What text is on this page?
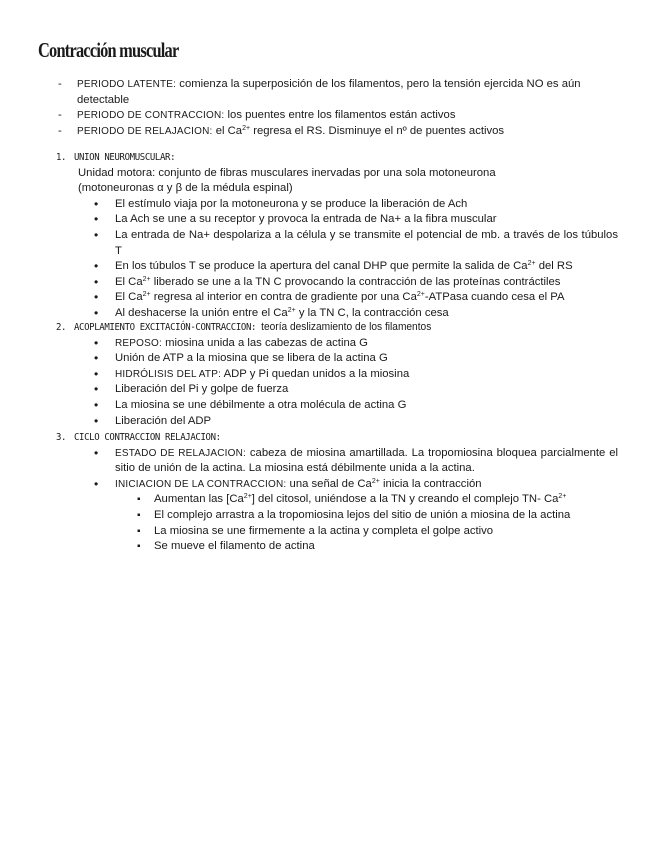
Contracción muscular
- PERIODO LATENTE: comienza la superposición de los filamentos, pero la tensión ejercida NO es aún detectable
- PERIODO DE CONTRACCION: los puentes entre los filamentos están activos
- PERIODO DE RELAJACION: el $Ca^{2+}$ regresa el RS. Disminuye el nº de puentes activos
1. UNION NEUROMUSCULAR:
Unidad motora: conjunto de fibras musculares inervadas por una sola motoneurona
(motoneuronas α y β de la médula espinal)
• El estímulo viaja por la motoneurona y se produce la liberación de Ach
• La Ach se une a su receptor y provoca la entrada de Na+ a la fibra muscular
• La entrada de Na+ despolariza a la célula y se transmite el potencial de mb. a través de los túbulos T
• En los túbulos T se produce la apertura del canal DHP que permite la salida de $Ca^{2+}$ del RS
• El $Ca^{2+}$ liberado se une a la TN C provocando la contracción de las proteínas contráctiles
• El $Ca^{2+}$ regresa al interior en contra de gradiente por una $Ca^{2+}$-ATPasa cuando cesa el PA
• Al deshacerse la unión entre el $Ca^{2+}$ y la TN C, la contracción cesa
2. ACOPLAMIENTO EXCITACIÓN-CONTRACCION: teoría deslizamiento de los filamentos
• REPOSO: miosina unida a las cabezas de actina G
• Unión de ATP a la miosina que se libera de la actina G
• HIDRÓLISIS DEL ATP: ADP y Pi quedan unidos a la miosina
• Liberación del Pi y golpe de fuerza
• La miosina se une débilmente a otra molécula de actina G
• Liberación del ADP
3. CICLO CONTRACCION RELAJACION:
• ESTADO DE RELAJACION: cabeza de miosina amartillada. La tropomiosina bloquea parcialmente el sitio de unión de la actina. La miosina está débilmente unida a la actina.
• INICIACION DE LA CONTRACCION: una señal de $Ca^{2+}$ inicia la contracción
▪ Aumentan las $[Ca^{2+}]$ del citosol, uniéndose a la TN y creando el complejo TN- $Ca^{2+}$
▪ El complejo arrastra a la tropomiosina lejos del sitio de unión a miosina de la actina
▪ La miosina se une firmemente a la actina y completa el golpe activo
▪ Se mueve el filamento de actina
